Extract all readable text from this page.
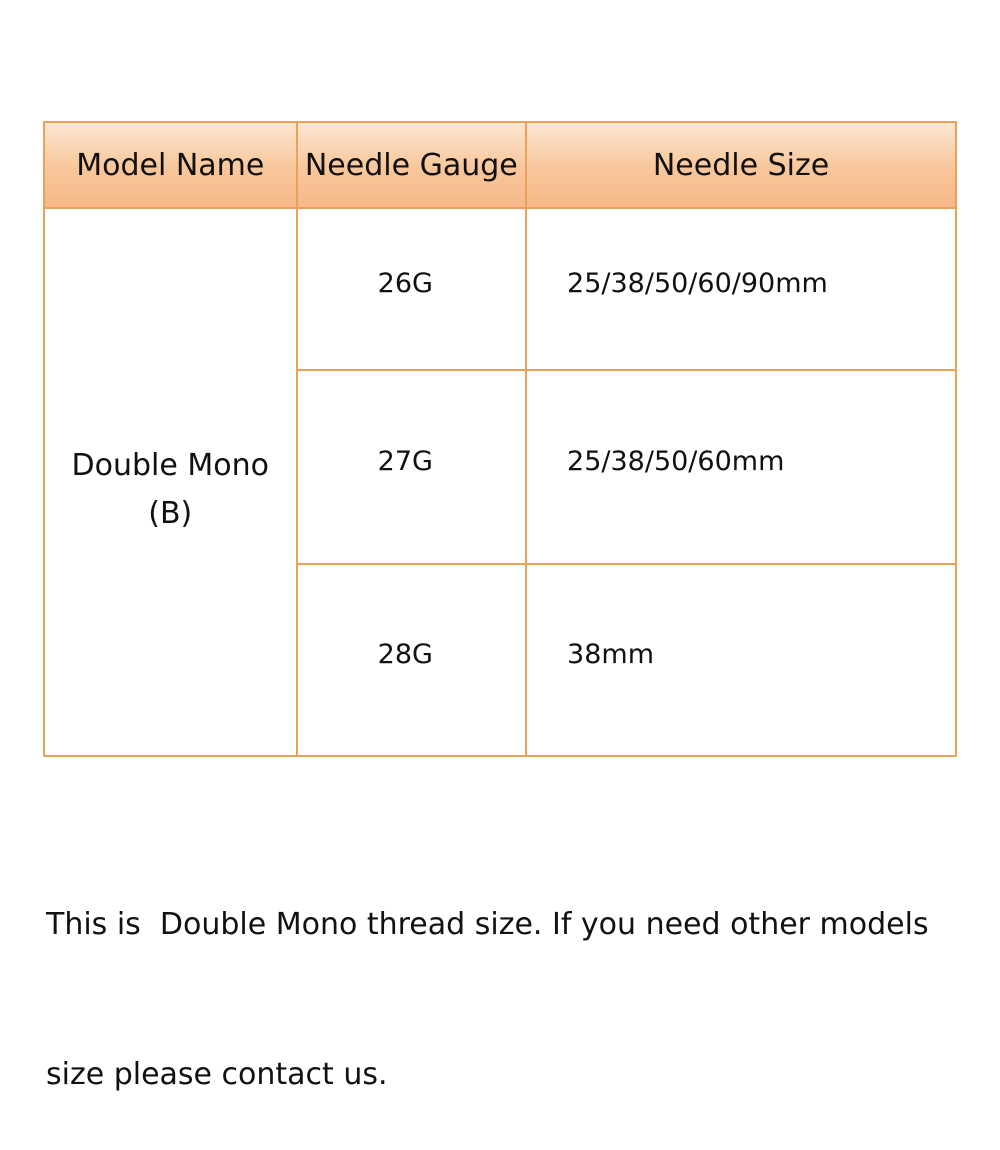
Model Name	Needle Gauge	Needle Size

Double Mono
(B)	26G	25/38/50/60/90mm
	27G	25/38/50/60mm
	28G	38mm

This is  Double Mono thread size. If you need other models

size please contact us.
